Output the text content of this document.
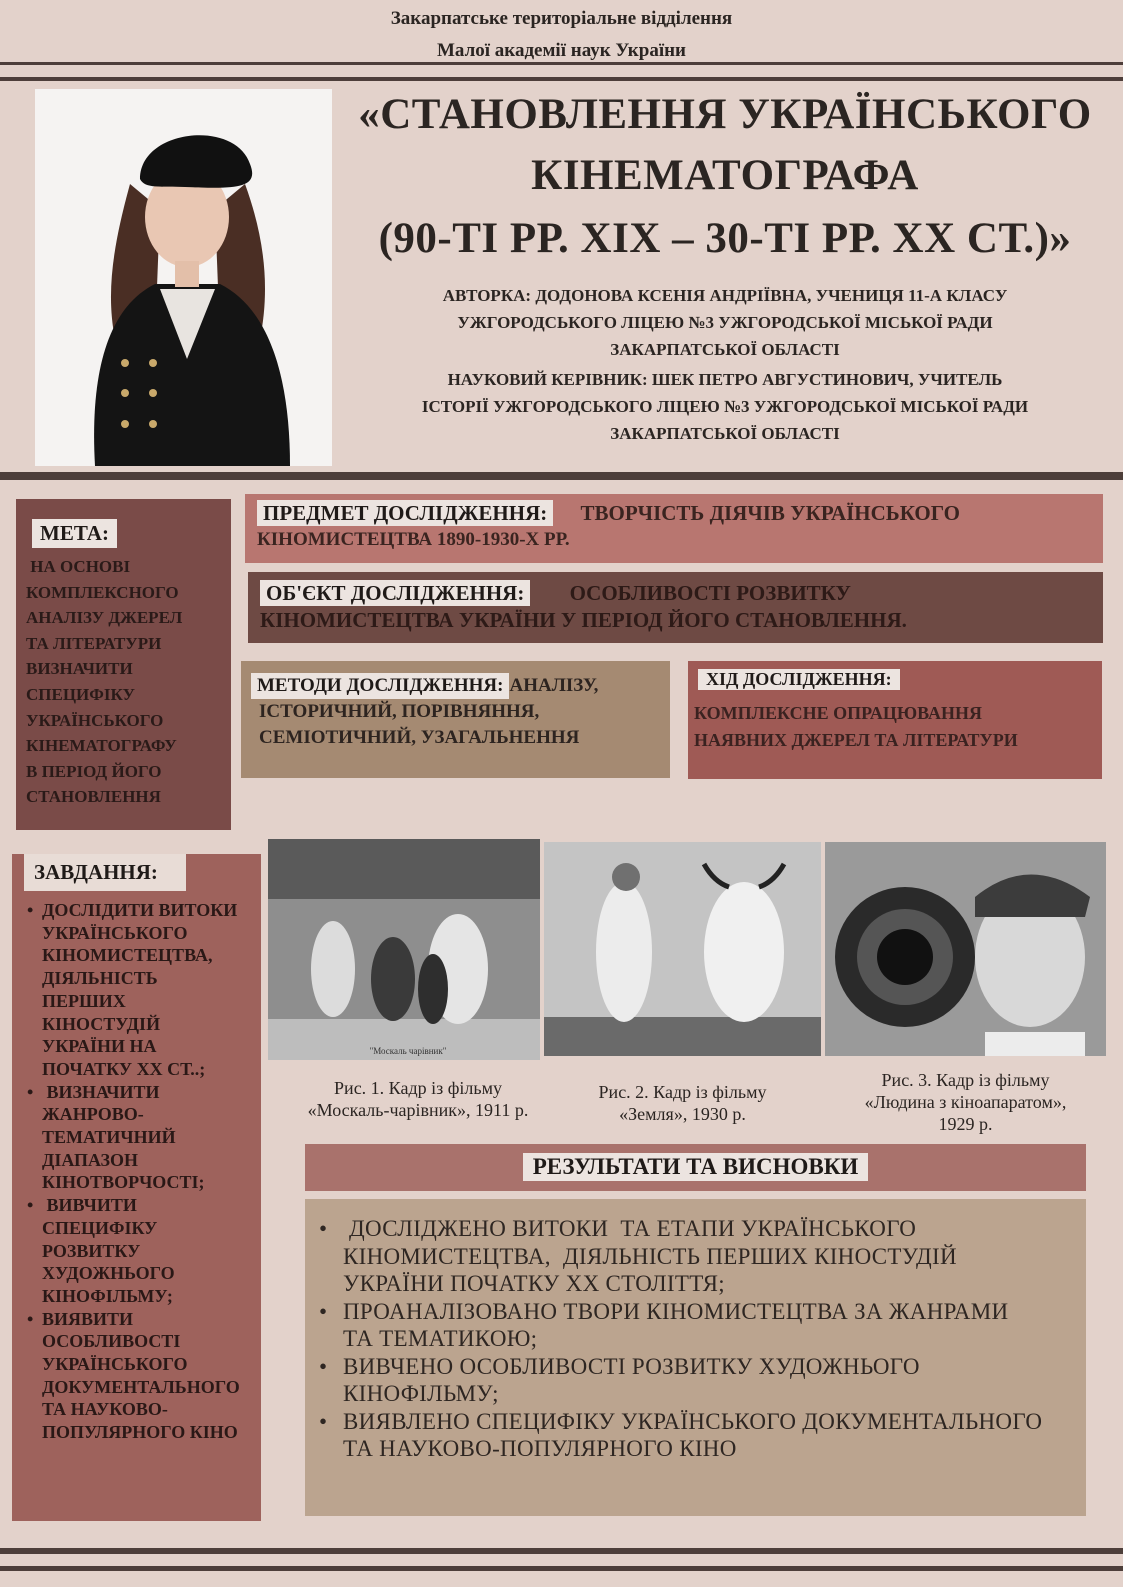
Закарпатське територіальне відділення
Малої академії наук України
«СТАНОВЛЕННЯ УКРАЇНСЬКОГО
КІНЕМАТОГРАФА
(90-ТІ РР. XIX – 30-ТІ РР. XX СТ.)»
АВТОРКА: ДОДОНОВА КСЕНІЯ АНДРІЇВНА, УЧЕНИЦЯ 11-А КЛАСУ
УЖГОРОДСЬКОГО ЛІЦЕЮ №3 УЖГОРОДСЬКОЇ МІСЬКОЇ РАДИ
ЗАКАРПАТСЬКОЇ ОБЛАСТІ
НАУКОВИЙ КЕРІВНИК: ШЕК ПЕТРО АВГУСТИНОВИЧ, УЧИТЕЛЬ
ІСТОРІЇ УЖГОРОДСЬКОГО ЛІЦЕЮ №3 УЖГОРОДСЬКОЇ МІСЬКОЇ РАДИ
ЗАКАРПАТСЬКОЇ ОБЛАСТІ
МЕТА:
НА ОСНОВІ
КОМПЛЕКСНОГО
АНАЛІЗУ ДЖЕРЕЛ
ТА ЛІТЕРАТУРИ
ВИЗНАЧИТИ
СПЕЦИФІКУ
УКРАЇНСЬКОГО
КІНЕМАТОГРАФУ
В ПЕРІОД ЙОГО
СТАНОВЛЕННЯ
ПРЕДМЕТ ДОСЛІДЖЕННЯ: ТВОРЧІСТЬ ДІЯЧІВ УКРАЇНСЬКОГО
КІНОМИСТЕЦТВА 1890-1930-Х РР.
ОБ'ЄКТ ДОСЛІДЖЕННЯ: ОСОБЛИВОСТІ РОЗВИТКУ
КІНОМИСТЕЦТВА УКРАЇНИ У ПЕРІОД ЙОГО СТАНОВЛЕННЯ.
МЕТОДИ ДОСЛІДЖЕННЯ: АНАЛІЗУ,
ІСТОРИЧНИЙ, ПОРІВНЯННЯ,
СЕМІОТИЧНИЙ, УЗАГАЛЬНЕННЯ
ХІД ДОСЛІДЖЕННЯ:
КОМПЛЕКСНЕ ОПРАЦЮВАННЯ
НАЯВНИХ ДЖЕРЕЛ ТА ЛІТЕРАТУРИ
ЗАВДАННЯ:
• ДОСЛІДИТИ ВИТОКИ
УКРАЇНСЬКОГО
КІНОМИСТЕЦТВА,
ДІЯЛЬНІСТЬ
ПЕРШИХ
КІНОСТУДІЙ
УКРАЇНИ НА
ПОЧАТКУ ХХ СТ..;
•  ВИЗНАЧИТИ
ЖАНРОВО-
ТЕМАТИЧНИЙ
ДІАПАЗОН
КІНОТВОРЧОСТІ;
•  ВИВЧИТИ
СПЕЦИФІКУ
РОЗВИТКУ
ХУДОЖНЬОГО
КІНОФІЛЬМУ;
• ВИЯВИТИ
ОСОБЛИВОСТІ
УКРАЇНСЬКОГО
ДОКУМЕНТАЛЬНОГО
ТА НАУКОВО-
ПОПУЛЯРНОГО КІНО
"Москаль чарівник"
Рис. 1. Кадр із фільму
«Москаль-чарівник», 1911 р.
Рис. 2. Кадр із фільму
«Земля», 1930 р.
Рис. 3. Кадр із фільму
«Людина з кіноапаратом»,
1929 р.
РЕЗУЛЬТАТИ ТА ВИСНОВКИ
•  ДОСЛІДЖЕНО ВИТОКИ  ТА ЕТАПИ УКРАЇНСЬКОГО
КІНОМИСТЕЦТВА,  ДІЯЛЬНІСТЬ ПЕРШИХ КІНОСТУДІЙ
УКРАЇНИ ПОЧАТКУ ХХ СТОЛІТТЯ;
• ПРОАНАЛІЗОВАНО ТВОРИ КІНОМИСТЕЦТВА ЗА ЖАНРАМИ
ТА ТЕМАТИКОЮ;
• ВИВЧЕНО ОСОБЛИВОСТІ РОЗВИТКУ ХУДОЖНЬОГО
КІНОФІЛЬМУ;
• ВИЯВЛЕНО СПЕЦИФІКУ УКРАЇНСЬКОГО ДОКУМЕНТАЛЬНОГО
ТА НАУКОВО-ПОПУЛЯРНОГО КІНО
